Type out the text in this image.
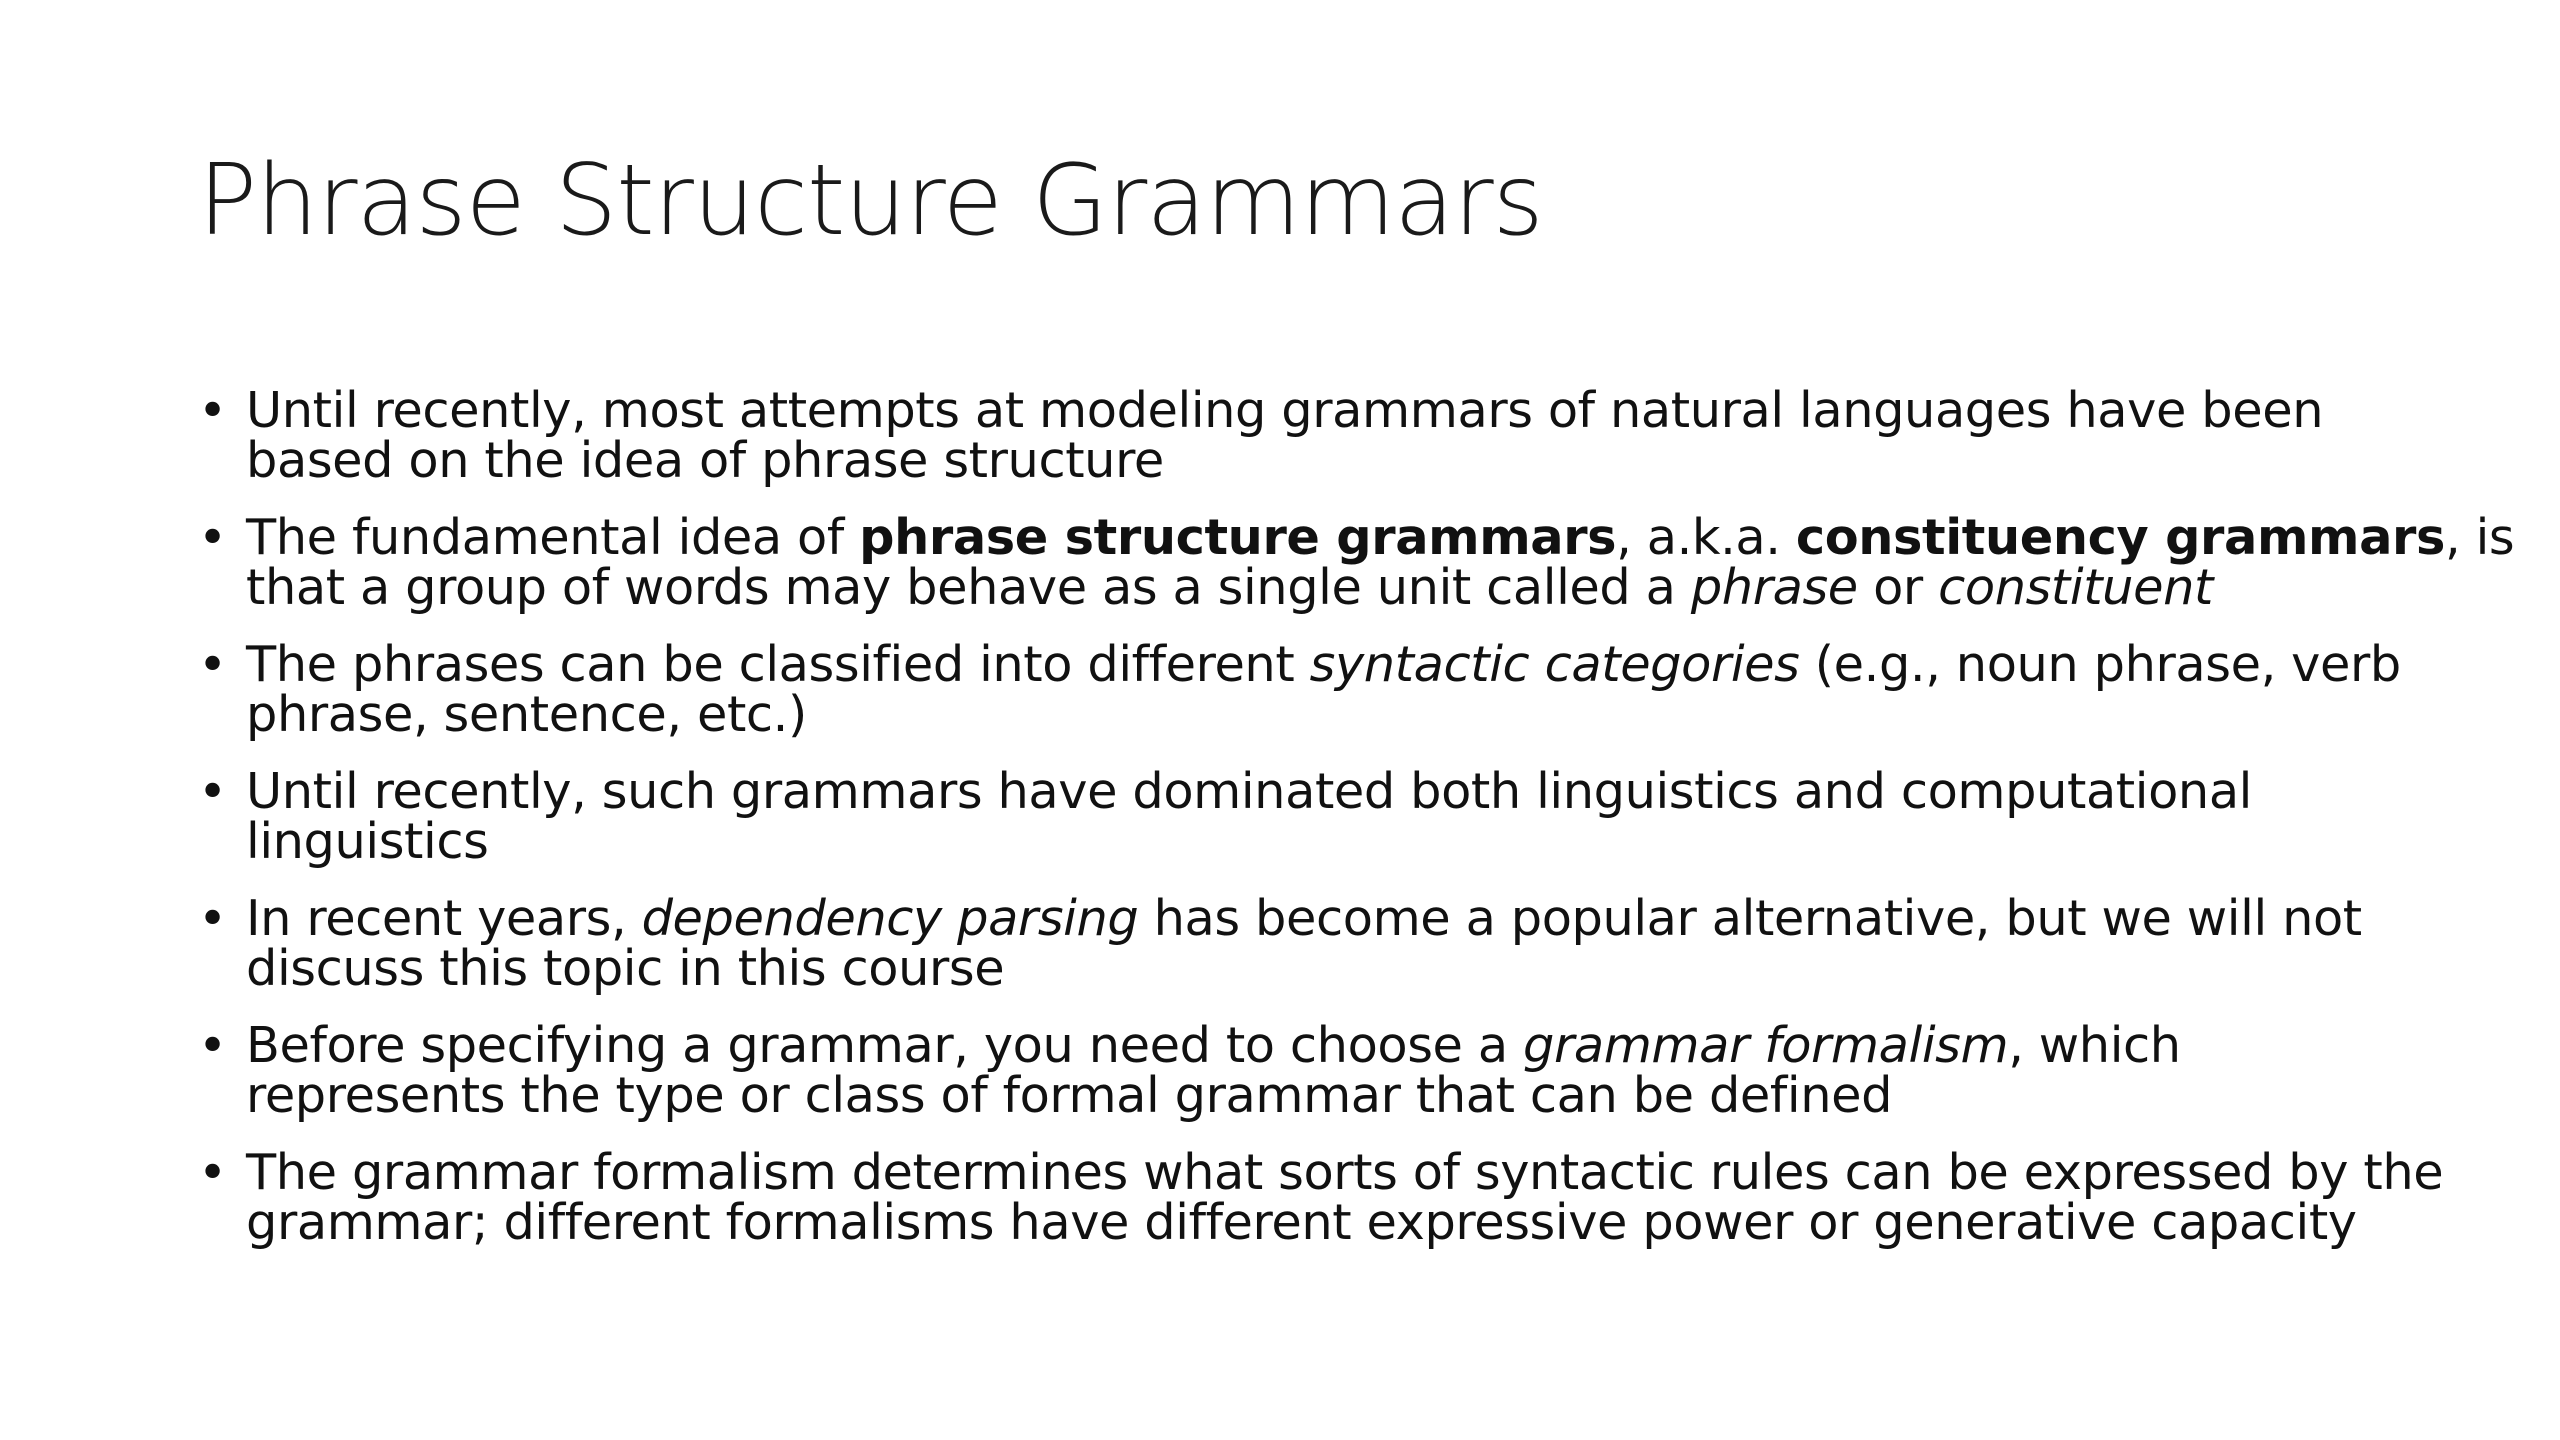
Phrase Structure Grammars
• Until recently, most attempts at modeling grammars of natural languages have been
based on the idea of phrase structure
• The fundamental idea of phrase structure grammars, a.k.a. constituency grammars, is
that a group of words may behave as a single unit called a phrase or constituent
• The phrases can be classified into different syntactic categories (e.g., noun phrase, verb
phrase, sentence, etc.)
• Until recently, such grammars have dominated both linguistics and computational
linguistics
• In recent years, dependency parsing has become a popular alternative, but we will not
discuss this topic in this course
• Before specifying a grammar, you need to choose a grammar formalism, which
represents the type or class of formal grammar that can be defined
• The grammar formalism determines what sorts of syntactic rules can be expressed by the
grammar; different formalisms have different expressive power or generative capacity
